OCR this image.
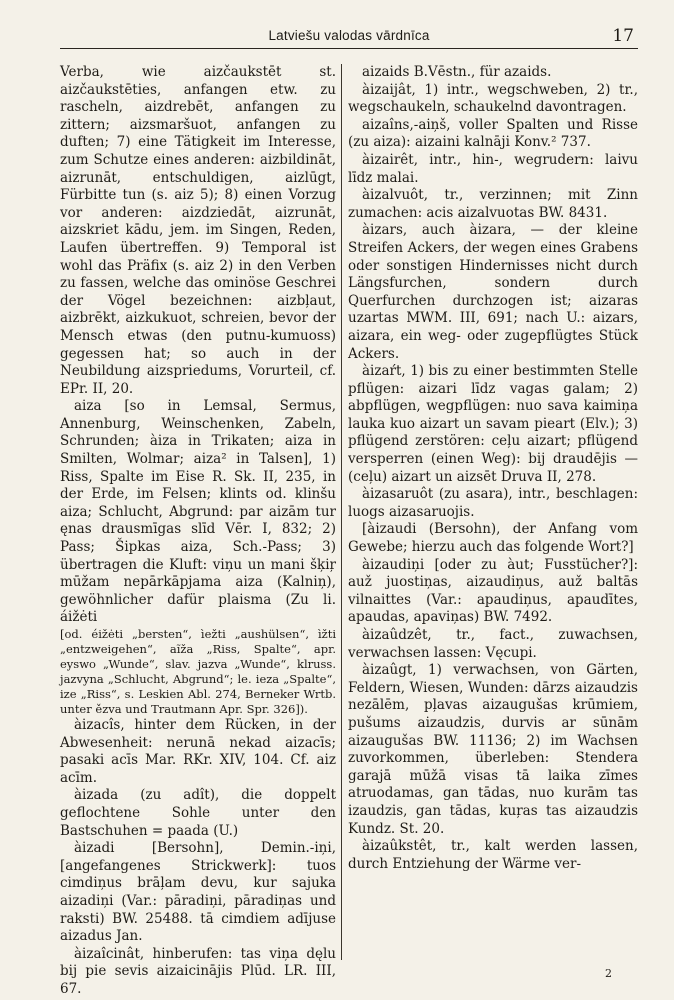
Latviešu valodas vārdnīca	17

Verba, wie aizčaukstēt st. aizčaukstēties, anfangen etw. zu rascheln, aizdrebēt, anfangen zu zittern; aizsmaršuot, anfangen zu duften; 7) eine Tätigkeit im Interesse, zum Schutze eines anderen: aizbildināt, aizrunāt, entschuldigen, aizlūgt, Fürbitte tun (s. aiz 5); 8) einen Vorzug vor anderen: aizdziedāt, aizrunāt, aizskriet kādu, jem. im Singen, Reden, Laufen übertreffen. 9) Temporal ist wohl das Präfix (s. aiz 2) in den Verben zu fassen, welche das ominöse Geschrei der Vögel bezeichnen: aizbļaut, aizbrēkt, aizkukuot, schreien, bevor der Mensch etwas (den putnu-kumuoss) gegessen hat; so auch in der Neubildung aizspriedums, Vorurteil, cf. EPr. II, 20.

aiza [so in Lemsal, Sermus, Annenburg, Weinschenken, Zabeln, Schrunden; àiza in Trikaten; aiza in Smilten, Wolmar; aiza² in Talsen], 1) Riss, Spalte im Eise R. Sk. II, 235, in der Erde, im Felsen; klints od. klinšu aiza; Schlucht, Abgrund: par aizām tur ęnas drausmīgas slīd Vēr. I, 832; 2) Pass; Šipkas aiza, Sch.-Pass; 3) übertragen die Kluft: viņu un mani šķiŗ mūžam nepārkāpjama aiza (Kalniņ), gewöhnlicher dafür plaisma (Zu li. áižėti

[od. éižėti „bersten“, ìežti „aushülsen“, ìžti „entzweigehen“, aĩža „Riss, Spalte“, apr. eyswo „Wunde“, slav. jazva „Wunde“, klruss. jazvyna „Schlucht, Abgrund“; le. ieza „Spalte“, ize „Riss“, s. Leskien Abl. 274, Berneker Wrtb. unter ězva und Trautmann Apr. Spr. 326]).

àizacîs, hinter dem Rücken, in der Abwesenheit: nerunā nekad aizacīs; pasaki acīs Mar. RKr. XIV, 104. Cf. aiz acīm.

àizada (zu adît), die doppelt geflochtene Sohle unter den Bastschuhen = paada (U.)

àizadi [Bersohn], Demin.-iņi, [angefangenes Strickwerk]: tuos cimdiņus brāļam devu, kur sajuka aizadiņi (Var.: pāradiņi, pāradiņas und raksti) BW. 25488. tā cimdiem adījuse aizadus Jan.

àizaîcinât, hinberufen: tas viņa dęlu bij pie sevis aizaicinājis Plūd. LR. III, 67.

aizaids B.Vēstn., für azaids.

àizaijât, 1) intr., wegschweben, 2) tr., wegschaukeln, schaukelnd davontragen.

aizaîns,-aiņš, voller Spalten und Risse (zu aiza): aizaini kalnāji Konv.² 737.

àizairêt, intr., hin-, wegrudern: laivu līdz malai.

àizalvuôt, tr., verzinnen; mit Zinn zumachen: acis aizalvuotas BW. 8431.

àizars, auch àizara, — der kleine Streifen Ackers, der wegen eines Grabens oder sonstigen Hindernisses nicht durch Längsfurchen, sondern durch Querfurchen durchzogen ist; aizaras uzartas MWM. III, 691; nach U.: aizars, aizara, ein weg- oder zugepflügtes Stück Ackers.

àizaŕt, 1) bis zu einer bestimmten Stelle pflügen: aizari līdz vagas galam; 2) abpflügen, wegpflügen: nuo sava kaimiņa lauka kuo aizart un savam pieart (Elv.); 3) pflügend zerstören: ceļu aizart; pflügend versperren (einen Weg): bij draudējis — (ceļu) aizart un aizsēt Druva II, 278.

àizasaruôt (zu asara), intr., beschlagen: luogs aizasaruojis.

[àizaudi (Bersohn), der Anfang vom Gewebe; hierzu auch das folgende Wort?]

àizaudiņi [oder zu àut; Fusstücher?]: auž juostiņas, aizaudiņus, auž baltās vilnaittes (Var.: apaudiņus, apaudītes, apaudas, apaviņas) BW. 7492.

àizaûdzêt, tr., fact., zuwachsen, verwachsen lassen: Vęcupi.

àizaûgt, 1) verwachsen, von Gärten, Feldern, Wiesen, Wunden: dārzs aizaudzis nezālēm, pļavas aizaugušas krūmiem, pušums aizaudzis, durvis ar sūnām aizaugušas BW. 11136; 2) im Wachsen zuvorkommen, überleben: Stendera garajā mūžā visas tā laika zīmes atruodamas, gan tādas, nuo kurām tas izaudzis, gan tādas, kuŗas tas aizaudzis Kundz. St. 20.

àizaûkstêt, tr., kalt werden lassen, durch Entziehung der Wärme ver-

2
